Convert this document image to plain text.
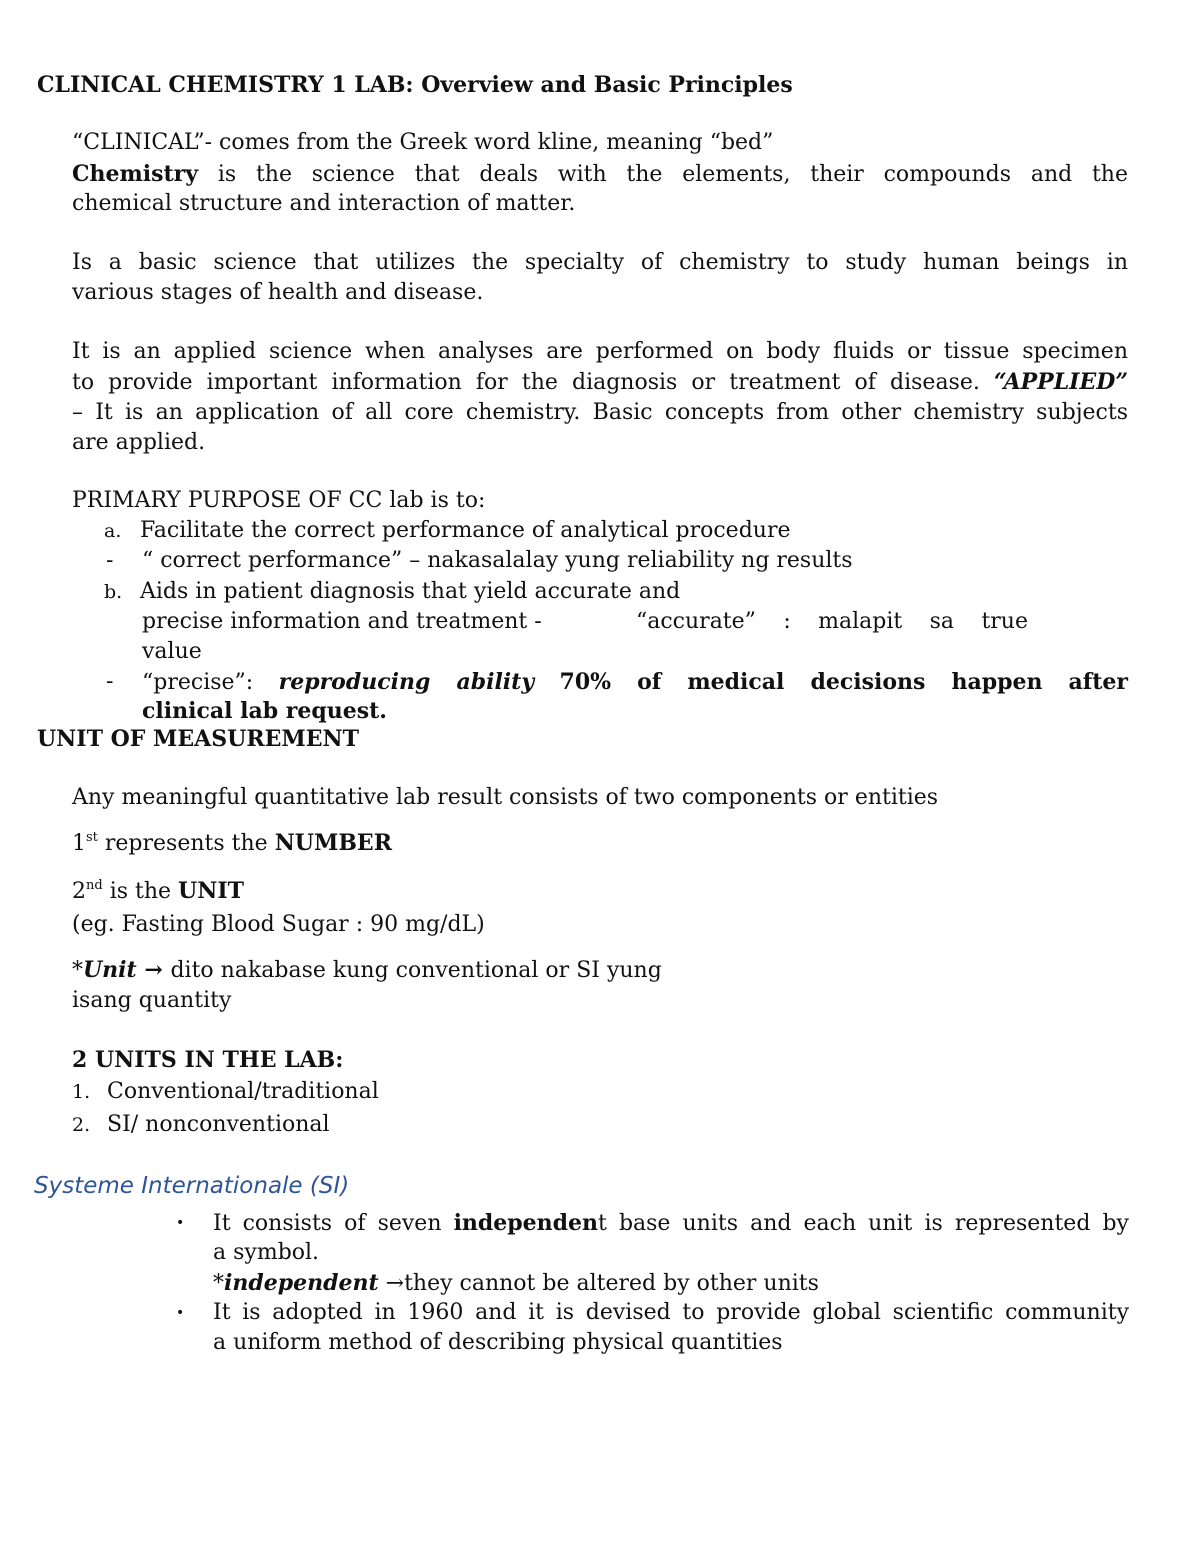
CLINICAL CHEMISTRY 1 LAB: Overview and Basic Principles
“CLINICAL”- comes from the Greek word kline, meaning “bed”
Chemistry is the science that deals with the elements, their compounds and the
chemical structure and interaction of matter.
Is a basic science that utilizes the specialty of chemistry to study human beings in
various stages of health and disease.
It is an applied science when analyses are performed on body fluids or tissue specimen
to provide important information for the diagnosis or treatment of disease. “APPLIED”
– It is an application of all core chemistry. Basic concepts from other chemistry subjects
are applied.
PRIMARY PURPOSE OF CC lab is to:
a. Facilitate the correct performance of analytical procedure
- “ correct performance” – nakasalalay yung reliability ng results
b. Aids in patient diagnosis that yield accurate and
precise information and treatment -	“accurate” : malapit sa true
value
- “precise”: reproducing ability 70% of medical decisions happen after
clinical lab request.
UNIT OF MEASUREMENT
Any meaningful quantitative lab result consists of two components or entities
1st represents the NUMBER
2nd is the UNIT
(eg. Fasting Blood Sugar : 90 mg/dL)
*Unit → dito nakabase kung conventional or SI yung
isang quantity
2 UNITS IN THE LAB:
1. Conventional/traditional
2. SI/ nonconventional
Systeme Internationale (SI)
• It consists of seven independent base units and each unit is represented by
a symbol.
*independent →they cannot be altered by other units
• It is adopted in 1960 and it is devised to provide global scientific community
a uniform method of describing physical quantities
